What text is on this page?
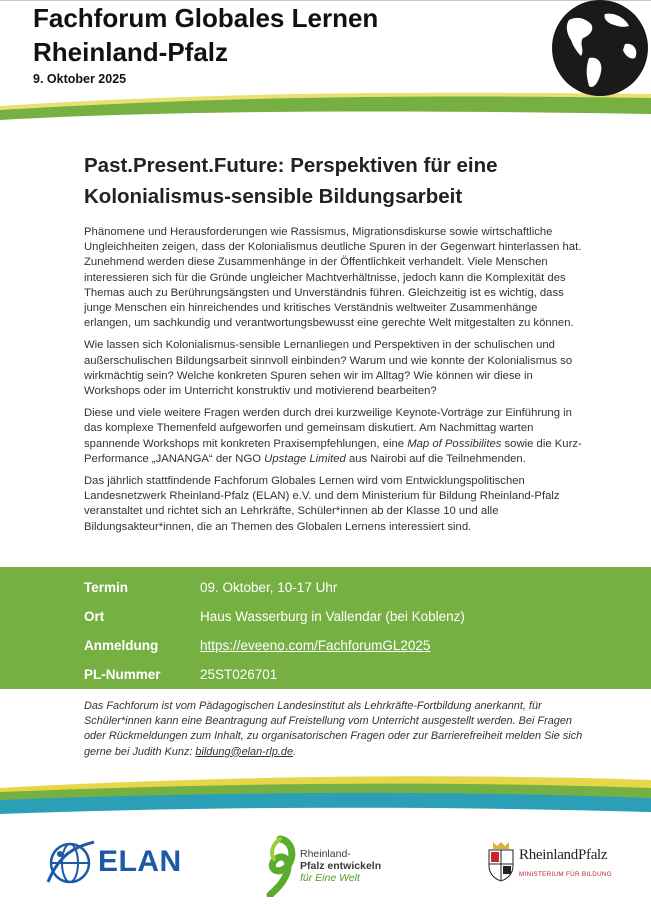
Fachforum Globales Lernen
Rheinland-Pfalz
9. Oktober 2025
Past.Present.Future: Perspektiven für eine
Kolonialismus-sensible Bildungsarbeit

Phänomene und Herausforderungen wie Rassismus, Migrationsdiskurse sowie wirtschaftliche Ungleichheiten zeigen, dass der Kolonialismus deutliche Spuren in der Gegenwart hinterlassen hat. Zunehmend werden diese Zusammenhänge in der Öffentlichkeit verhandelt. Viele Menschen interessieren sich für die Gründe ungleicher Machtverhältnisse, jedoch kann die Komplexität des Themas auch zu Berührungsängsten und Unverständnis führen. Gleichzeitig ist es wichtig, dass junge Menschen ein hinreichendes und kritisches Verständnis weltweiter Zusammenhänge erlangen, um sachkundig und verantwortungsbewusst eine gerechte Welt mitgestalten zu können.

Wie lassen sich Kolonialismus-sensible Lernanliegen und Perspektiven in der schulischen und außerschulischen Bildungsarbeit sinnvoll einbinden? Warum und wie konnte der Kolonialismus so wirkmächtig sein? Welche konkreten Spuren sehen wir im Alltag? Wie können wir diese in Workshops oder im Unterricht konstruktiv und motivierend bearbeiten?

Diese und viele weitere Fragen werden durch drei kurzweilige Keynote-Vorträge zur Einführung in das komplexe Themenfeld aufgeworfen und gemeinsam diskutiert. Am Nachmittag warten spannende Workshops mit konkreten Praxisempfehlungen, eine Map of Possibilites sowie die Kurz-Performance „JANANGA“ der NGO Upstage Limited aus Nairobi auf die Teilnehmenden.

Das jährlich stattfindende Fachforum Globales Lernen wird vom Entwicklungspolitischen Landesnetzwerk Rheinland-Pfalz (ELAN) e.V. und dem Ministerium für Bildung Rheinland-Pfalz veranstaltet und richtet sich an Lehrkräfte, Schüler*innen ab der Klasse 10 und alle Bildungsakteur*innen, die an Themen des Globalen Lernens interessiert sind.

Termin	09. Oktober, 10-17 Uhr
Ort	Haus Wasserburg in Vallendar (bei Koblenz)
Anmeldung	https://eveeno.com/FachforumGL2025
PL-Nummer	25ST026701

Das Fachforum ist vom Pädagogischen Landesinstitut als Lehrkräfte-Fortbildung anerkannt, für Schüler*innen kann eine Beantragung auf Freistellung vom Unterricht ausgestellt werden. Bei Fragen oder Rückmeldungen zum Inhalt, zu organisatorischen Fragen oder zur Barrierefreiheit melden Sie sich gerne bei Judith Kunz: bildung@elan-rlp.de.

ELAN	Rheinland-
Pfalz entwickeln
für Eine Welt
RheinlandPfalz
MINISTERIUM FÜR BILDUNG
